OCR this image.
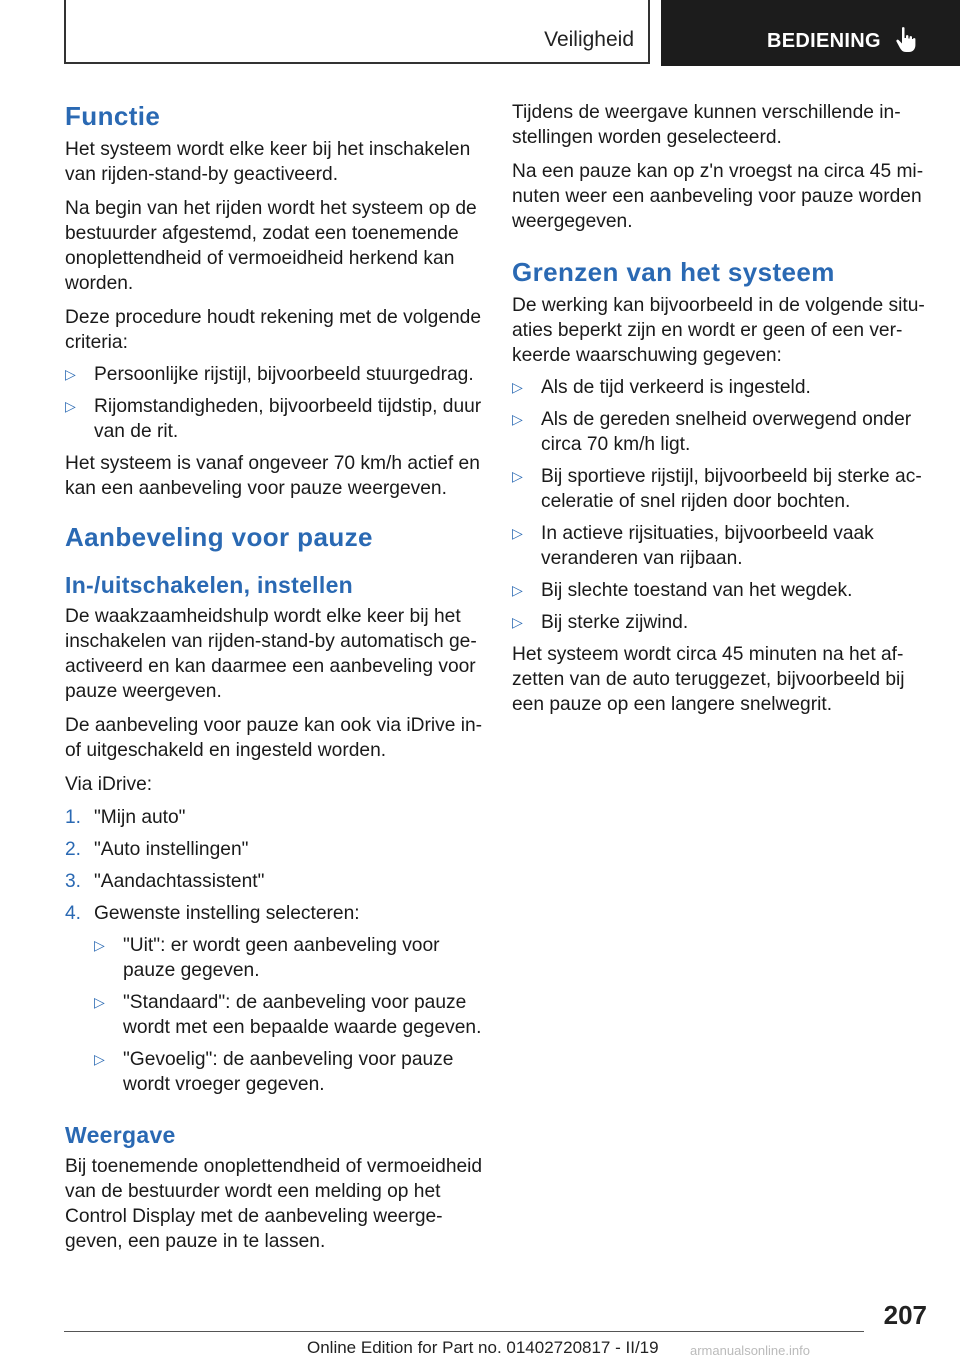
Veiligheid	BEDIENING
Functie

Het systeem wordt elke keer bij het inschakelen van rijden-stand-by geactiveerd.

Na begin van het rijden wordt het systeem op de bestuurder afgestemd, zodat een toenemende onoplettendheid of vermoeidheid herkend kan worden.

Deze procedure houdt rekening met de volgende criteria:

▷ Persoonlijke rijstijl, bijvoorbeeld stuurgedrag.
▷ Rijomstandigheden, bijvoorbeeld tijdstip, duur van de rit.

Het systeem is vanaf ongeveer 70 km/h actief en kan een aanbeveling voor pauze weergeven.

Aanbeveling voor pauze
In-/uitschakelen, instellen

De waakzaamheidshulp wordt elke keer bij het inschakelen van rijden-stand-by automatisch geactiveerd en kan daarmee een aanbeveling voor pauze weergeven.

De aanbeveling voor pauze kan ook via iDrive in- of uitgeschakeld en ingesteld worden.

Via iDrive:

1. "Mijn auto"
2. "Auto instellingen"
3. "Aandachtassistent"
4. Gewenste instelling selecteren:
▷ "Uit": er wordt geen aanbeveling voor pauze gegeven.
▷ "Standaard": de aanbeveling voor pauze wordt met een bepaalde waarde gegeven.
▷ "Gevoelig": de aanbeveling voor pauze wordt vroeger gegeven.
Weergave

Bij toenemende onoplettendheid of vermoeidheid van de bestuurder wordt een melding op het Control Display met de aanbeveling weergegeven, een pauze in te lassen.

Tijdens de weergave kunnen verschillende instellingen worden geselecteerd.

Na een pauze kan op z'n vroegst na circa 45 minuten weer een aanbeveling voor pauze worden weergegeven.

Grenzen van het systeem

De werking kan bijvoorbeeld in de volgende situaties beperkt zijn en wordt er geen of een verkeerde waarschuwing gegeven:

▷ Als de tijd verkeerd is ingesteld.
▷ Als de gereden snelheid overwegend onder circa 70 km/h ligt.
▷ Bij sportieve rijstijl, bijvoorbeeld bij sterke acceleratie of snel rijden door bochten.
▷ In actieve rijsituaties, bijvoorbeeld vaak veranderen van rijbaan.
▷ Bij slechte toestand van het wegdek.
▷ Bij sterke zijwind.

Het systeem wordt circa 45 minuten na het afzetten van de auto teruggezet, bijvoorbeeld bij een pauze op een langere snelwegrit.

207
Online Edition for Part no. 01402720817 - II/19 armanualsonline.info
